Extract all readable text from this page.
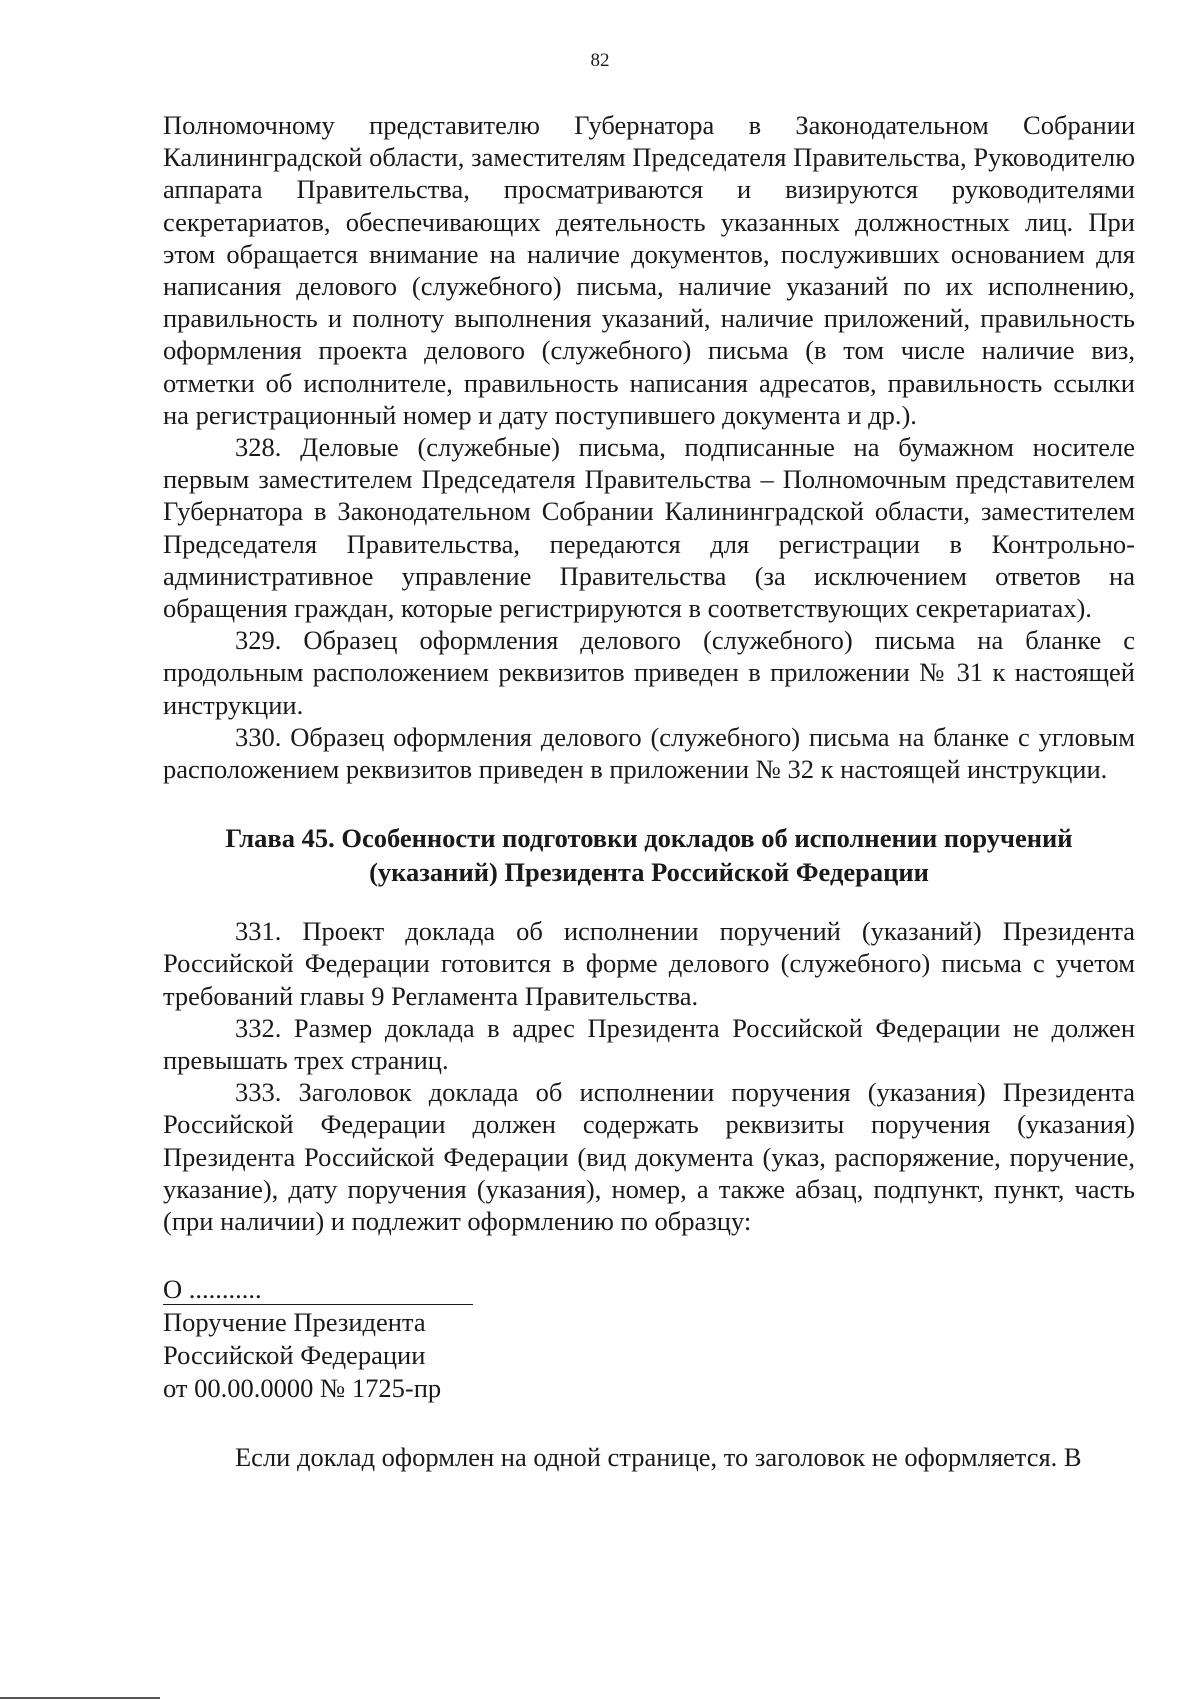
82

Полномочному представителю Губернатора в Законодательном Собрании Калининградской области, заместителям Председателя Правительства, Руководителю аппарата Правительства, просматриваются и визируются руководителями секретариатов, обеспечивающих деятельность указанных должностных лиц. При этом обращается внимание на наличие документов, послуживших основанием для написания делового (служебного) письма, наличие указаний по их исполнению, правильность и полноту выполнения указаний, наличие приложений, правильность оформления проекта делового (служебного) письма (в том числе наличие виз, отметки об исполнителе, правильность написания адресатов, правильность ссылки на регистрационный номер и дату поступившего документа и др.).

328. Деловые (служебные) письма, подписанные на бумажном носителе первым заместителем Председателя Правительства – Полномочным представителем Губернатора в Законодательном Собрании Калининградской области, заместителем Председателя Правительства, передаются для регистрации в Контрольно-административное управление Правительства (за исключением ответов на обращения граждан, которые регистрируются в соответствующих секретариатах).

329. Образец оформления делового (служебного) письма на бланке с продольным расположением реквизитов приведен в приложении № 31 к настоящей инструкции.

330. Образец оформления делового (служебного) письма на бланке с угловым расположением реквизитов приведен в приложении № 32 к настоящей инструкции.

Глава 45. Особенности подготовки докладов об исполнении поручений
(указаний) Президента Российской Федерации

331. Проект доклада об исполнении поручений (указаний) Президента Российской Федерации готовится в форме делового (служебного) письма с учетом требований главы 9 Регламента Правительства.

332. Размер доклада в адрес Президента Российской Федерации не должен превышать трех страниц.

333. Заголовок доклада об исполнении поручения (указания) Президента Российской Федерации должен содержать реквизиты поручения (указания) Президента Российской Федерации (вид документа (указ, распоряжение, поручение, указание), дату поручения (указания), номер, а также абзац, подпункт, пункт, часть (при наличии) и подлежит оформлению по образцу:

О ...........
Поручение Президента
Российской Федерации
от 00.00.0000 № 1725-пр

Если доклад оформлен на одной странице, то заголовок не оформляется. В
